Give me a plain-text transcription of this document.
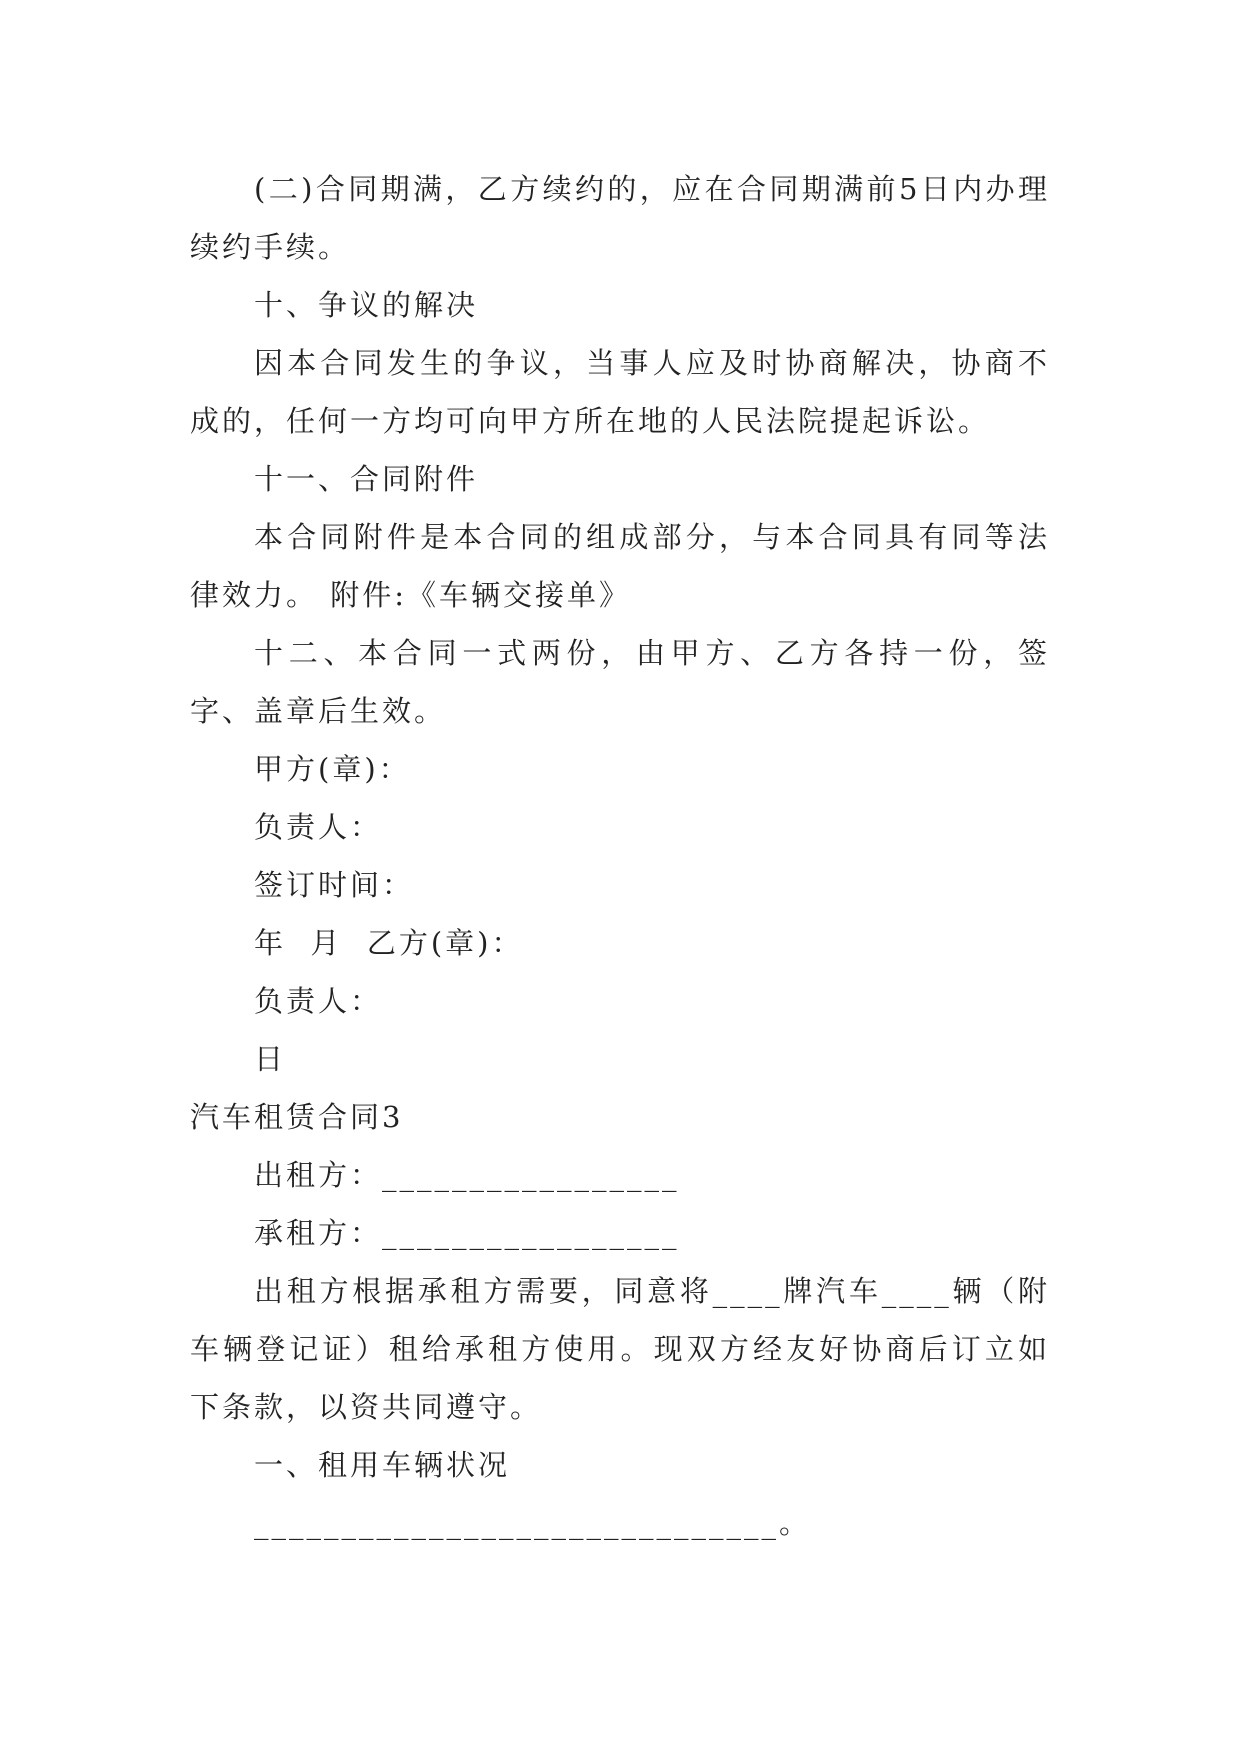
(二)合同期满，乙方续约的，应在合同期满前5日内办理续约手续。

十、争议的解决

因本合同发生的争议，当事人应及时协商解决，协商不成的，任何一方均可向甲方所在地的人民法院提起诉讼。

十一、合同附件

本合同附件是本合同的组成部分，与本合同具有同等法律效力。 附件:《车辆交接单》

十二、本合同一式两份，由甲方、乙方各持一份，签字、盖章后生效。

甲方(章)：

负责人：

签订时间：

年  月  乙方(章)：

负责人：

日

汽车租赁合同3

出租方：_________________

承租方：_________________

出租方根据承租方需要，同意将____牌汽车____辆（附车辆登记证）租给承租方使用。现双方经友好协商后订立如下条款，以资共同遵守。

一、租用车辆状况

______________________________。
